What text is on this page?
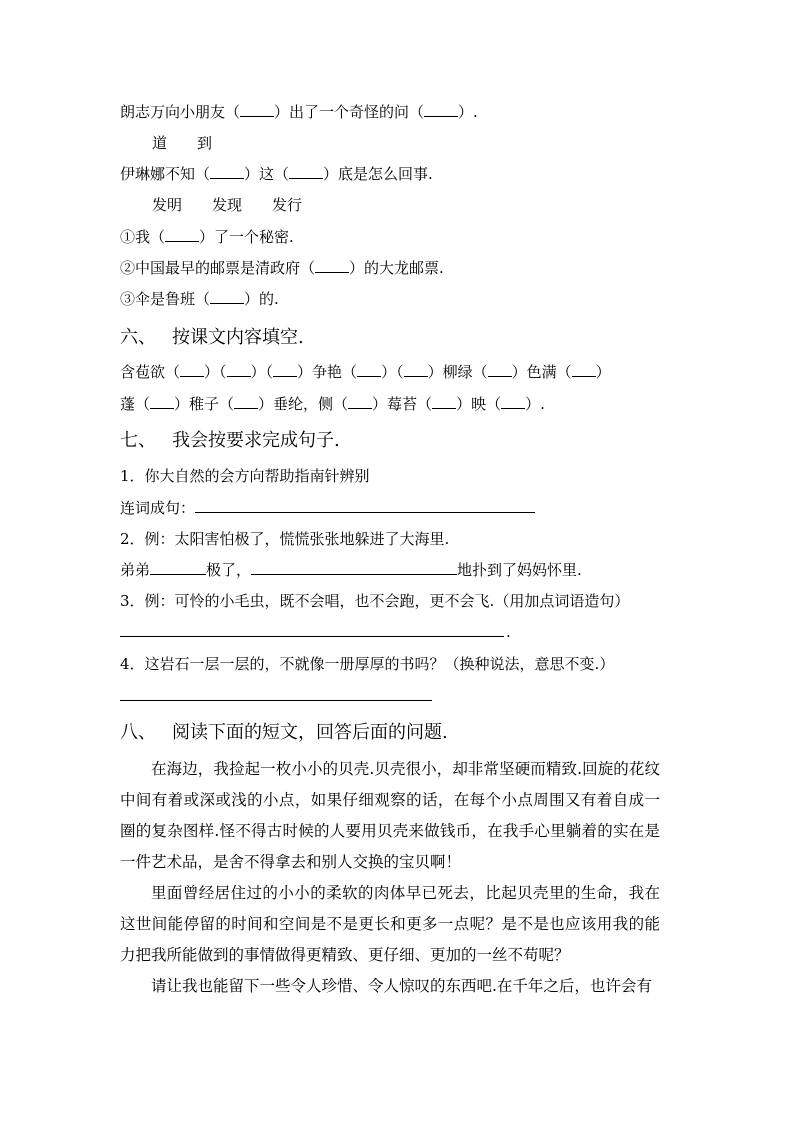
朗志万向小朋友（ ）出了一个奇怪的问（ ）.
道 到
伊琳娜不知（ ）这（ ）底是怎么回事.
发明 发现 发行
①我（ ）了一个秘密.
②中国最早的邮票是清政府（ ）的大龙邮票.
③伞是鲁班（ ）的.
六、 按课文内容填空.
含苞欲（ ）（ ）（ ）争艳（ ）（ ）柳绿（ ）色满（ ）
蓬（ ）稚子（ ）垂纶，侧（ ）莓苔（ ）映（ ）.
七、 我会按要求完成句子.
1．你大自然的会方向帮助指南针辨别
连词成句：
2．例：太阳害怕极了，慌慌张张地躲进了大海里.
弟弟	极了，	地扑到了妈妈怀里.
3．例：可怜的小毛虫，既不会唱，也不会跑，更不会飞.（用加点词语造句）
.
4．这岩石一层一层的，不就像一册厚厚的书吗？（换种说法，意思不变.）
八、 阅读下面的短文，回答后面的问题.
在海边，我捡起一枚小小的贝壳.贝壳很小，却非常坚硬而精致.回旋的花纹中间有着或深或浅的小点，如果仔细观察的话，在每个小点周围又有着自成一圈的复杂图样.怪不得古时候的人要用贝壳来做钱币，在我手心里躺着的实在是一件艺术品，是舍不得拿去和别人交换的宝贝啊！
里面曾经居住过的小小的柔软的肉体早已死去，比起贝壳里的生命，我在这世间能停留的时间和空间是不是更长和更多一点呢？是不是也应该用我的能力把我所能做到的事情做得更精致、更仔细、更加的一丝不苟呢？
请让我也能留下一些令人珍惜、令人惊叹的东西吧.在千年之后，也许会有
